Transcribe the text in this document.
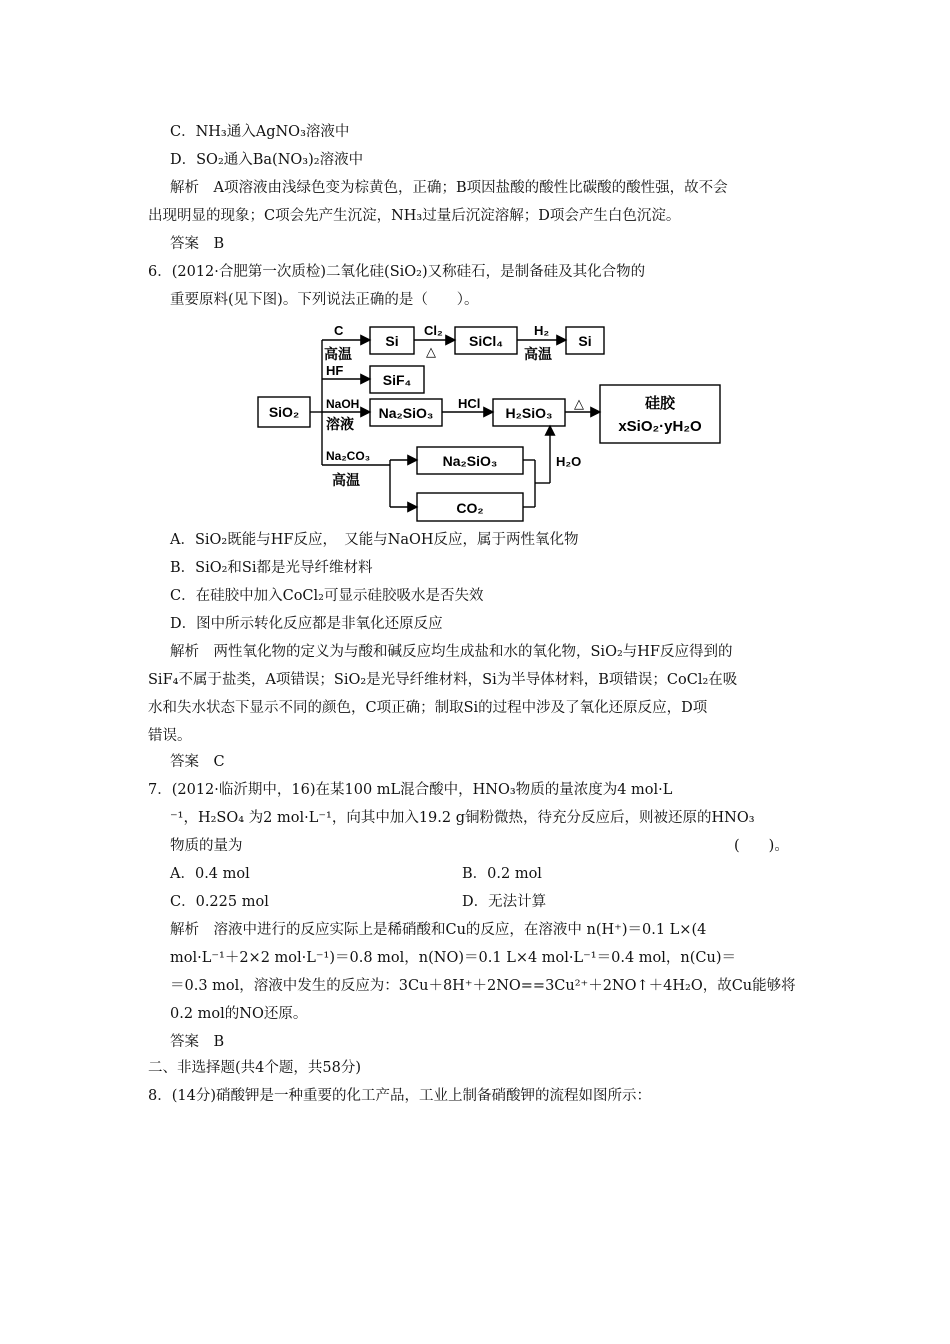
C．NH₃通入AgNO₃溶液中
D．SO₂通入Ba(NO₃)₂溶液中
解析　A项溶液由浅绿色变为棕黄色，正确；B项因盐酸的酸性比碳酸的酸性强，故不会
出现明显的现象；C项会先产生沉淀，NH₃过量后沉淀溶解；D项会产生白色沉淀。
答案　B
6．(2012·合肥第一次质检)二氧化硅(SiO₂)又称硅石，是制备硅及其化合物的
重要原料(见下图)。下列说法正确的是（　　）。
SiO₂
Si	SiCl₄	Si
SiF₄
Na₂SiO₃	H₂SiO₃
硅胶
xSiO₂·yH₂O
Na₂SiO₃
CO₂
C
高温
Cl₂
△
H₂
高温
HF
NaOH
溶液
HCl	△
Na₂CO₃
高温
H₂O
A．SiO₂既能与HF反应，　又能与NaOH反应，属于两性氧化物
B．SiO₂和Si都是光导纤维材料
C．在硅胶中加入CoCl₂可显示硅胶吸水是否失效
D．图中所示转化反应都是非氧化还原反应
解析　两性氧化物的定义为与酸和碱反应均生成盐和水的氧化物，SiO₂与HF反应得到的
SiF₄不属于盐类，A项错误；SiO₂是光导纤维材料，Si为半导体材料，B项错误；CoCl₂在吸
水和失水状态下显示不同的颜色，C项正确；制取Si的过程中涉及了氧化还原反应，D项
错误。
答案　C
7．(2012·临沂期中，16)在某100 mL混合酸中，HNO₃物质的量浓度为4 mol·L
⁻¹，H₂SO₄ 为2 mol·L⁻¹，向其中加入19.2 g铜粉微热，待充分反应后，则被还原的HNO₃
物质的量为	(　　)。
A．0.4 mol	B．0.2 mol
C．0.225 mol	D．无法计算
解析　溶液中进行的反应实际上是稀硝酸和Cu的反应，在溶液中 n(H⁺)＝0.1 L×(4
mol·L⁻¹＋2×2 mol·L⁻¹)＝0.8 mol，n(NO)＝0.1 L×4 mol·L⁻¹＝0.4 mol，n(Cu)＝
＝0.3 mol，溶液中发生的反应为：3Cu＋8H⁺＋2NO==3Cu²⁺＋2NO↑＋4H₂O，故Cu能够将
0.2 mol的NO还原。
答案　B
二、非选择题(共4个题，共58分)
8．(14分)硝酸钾是一种重要的化工产品，工业上制备硝酸钾的流程如图所示：
